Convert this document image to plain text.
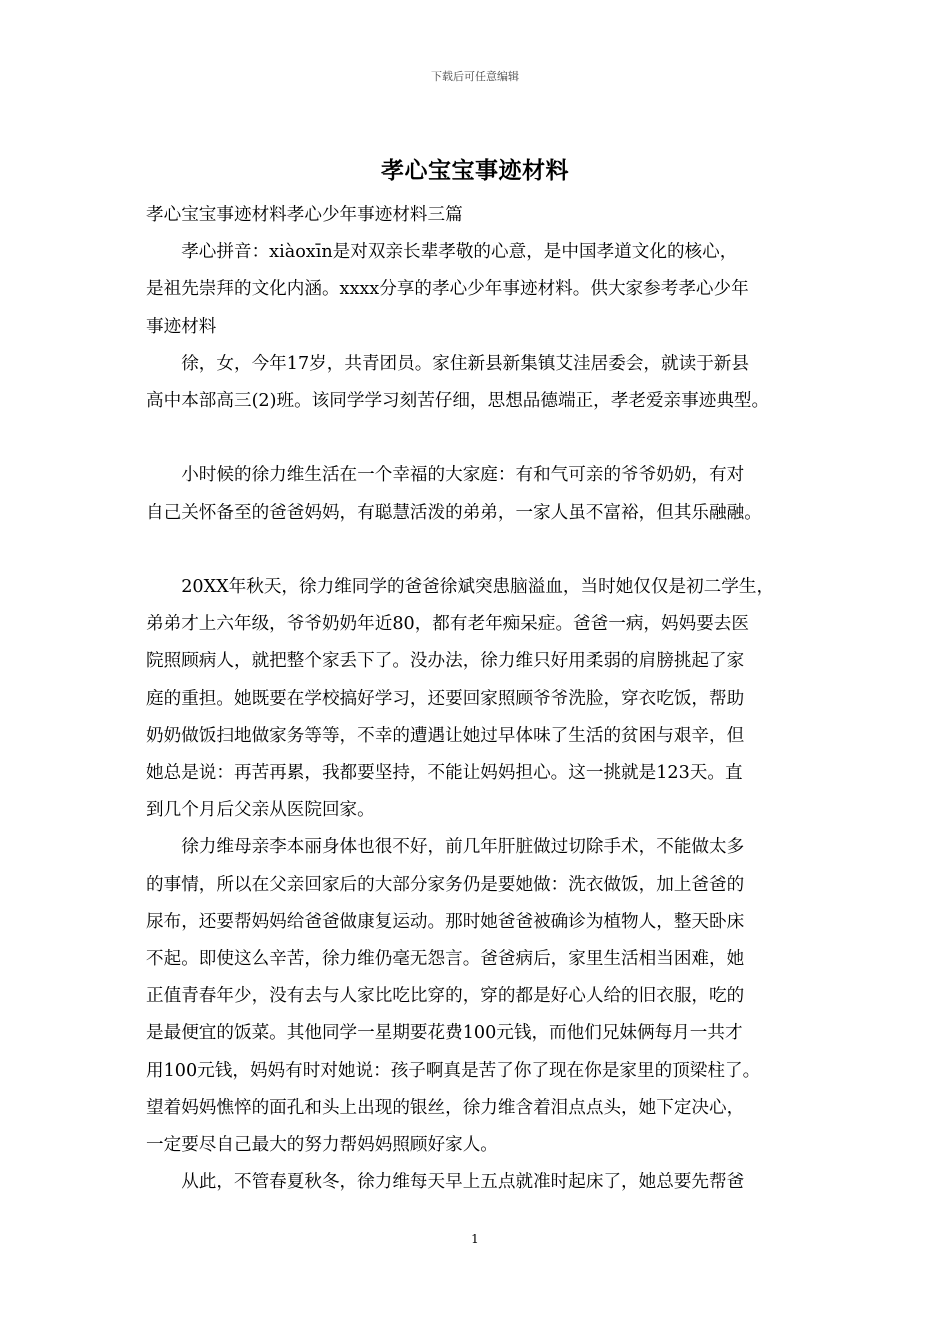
下载后可任意编辑
孝心宝宝事迹材料

孝心宝宝事迹材料孝心少年事迹材料三篇

　　孝心拼音：xiàoxīn是对双亲长辈孝敬的心意，是中国孝道文化的核心，

是祖先崇拜的文化内涵。xxxx分享的孝心少年事迹材料。供大家参考孝心少年

事迹材料

　　徐，女，今年17岁，共青团员。家住新县新集镇艾洼居委会，就读于新县

高中本部高三(2)班。该同学学习刻苦仔细，思想品德端正，孝老爱亲事迹典型。

　　小时候的徐力维生活在一个幸福的大家庭：有和气可亲的爷爷奶奶，有对

自己关怀备至的爸爸妈妈，有聪慧活泼的弟弟，一家人虽不富裕，但其乐融融。

　　20XX年秋天，徐力维同学的爸爸徐斌突患脑溢血，当时她仅仅是初二学生，

弟弟才上六年级，爷爷奶奶年近80，都有老年痴呆症。爸爸一病，妈妈要去医

院照顾病人，就把整个家丢下了。没办法，徐力维只好用柔弱的肩膀挑起了家

庭的重担。她既要在学校搞好学习，还要回家照顾爷爷洗脸，穿衣吃饭，帮助

奶奶做饭扫地做家务等等，不幸的遭遇让她过早体味了生活的贫困与艰辛，但

她总是说：再苦再累，我都要坚持，不能让妈妈担心。这一挑就是123天。直

到几个月后父亲从医院回家。

　　徐力维母亲李本丽身体也很不好，前几年肝脏做过切除手术，不能做太多

的事情，所以在父亲回家后的大部分家务仍是要她做：洗衣做饭，加上爸爸的

尿布，还要帮妈妈给爸爸做康复运动。那时她爸爸被确诊为植物人，整天卧床

不起。即使这么辛苦，徐力维仍毫无怨言。爸爸病后，家里生活相当困难，她

正值青春年少，没有去与人家比吃比穿的，穿的都是好心人给的旧衣服，吃的

是最便宜的饭菜。其他同学一星期要花费100元钱，而他们兄妹俩每月一共才

用100元钱，妈妈有时对她说：孩子啊真是苦了你了现在你是家里的顶梁柱了。

望着妈妈憔悴的面孔和头上出现的银丝，徐力维含着泪点点头，她下定决心，

一定要尽自己最大的努力帮妈妈照顾好家人。

　　从此，不管春夏秋冬，徐力维每天早上五点就准时起床了，她总要先帮爸

1
